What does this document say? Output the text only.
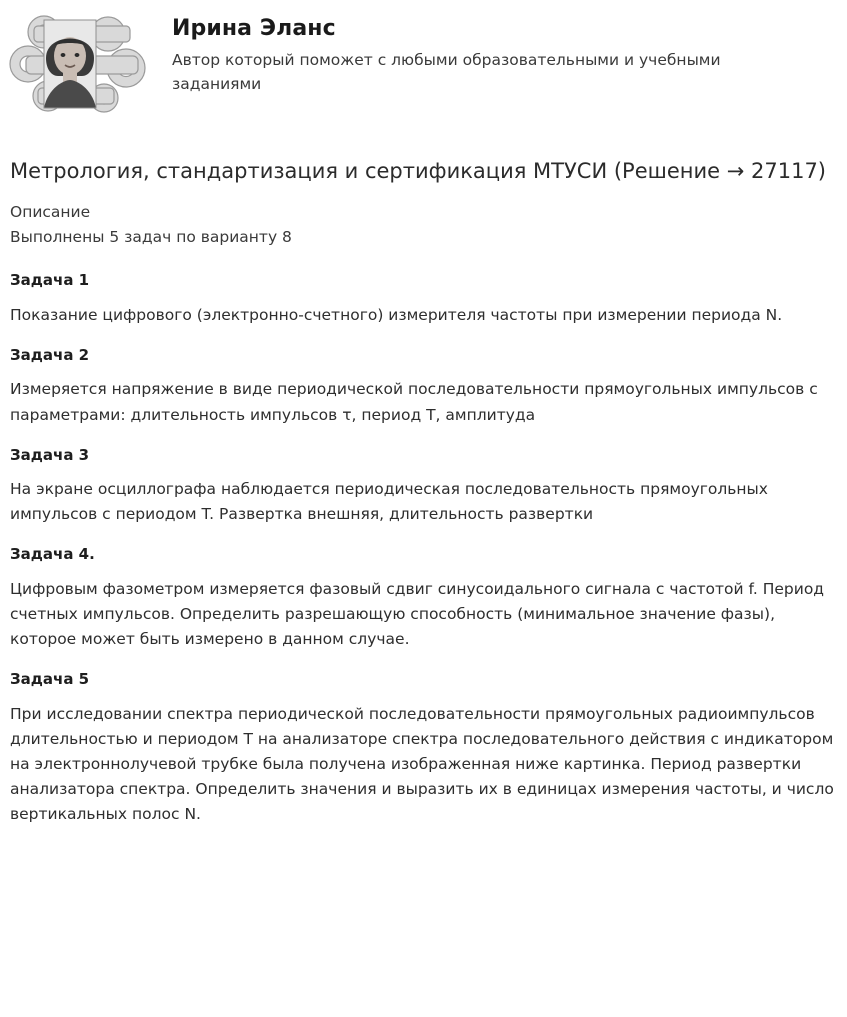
Ирина Эланс
Автор который поможет с любыми образовательными и учебными заданиями
Метрология, стандартизация и сертификация МТУСИ (Решение → 27117)

Описание

Выполнены 5 задач по варианту 8

Задача 1

Показание цифрового (электронно-счетного) измерителя частоты при измерении периода N.

Задача 2

Измеряется напряжение в виде периодической последовательности прямоугольных импульсов с параметрами: длительность импульсов τ, период T, амплитуда

Задача 3

На экране осциллографа наблюдается периодическая последовательность прямоугольных импульсов с периодом T. Развертка внешняя, длительность развертки

Задача 4.

Цифровым фазометром измеряется фазовый сдвиг синусоидального сигнала с частотой f. Период счетных импульсов. Определить разрешающую способность (минимальное значение фазы), которое может быть измерено в данном случае.

Задача 5

При исследовании спектра периодической последовательности прямоугольных радиоимпульсов длительностью и периодом T на анализаторе спектра последовательного действия с индикатором на электроннолучевой трубке была получена изображенная ниже картинка. Период развертки анализатора спектра. Определить значения и выразить их в единицах измерения частоты, и число вертикальных полос N.
